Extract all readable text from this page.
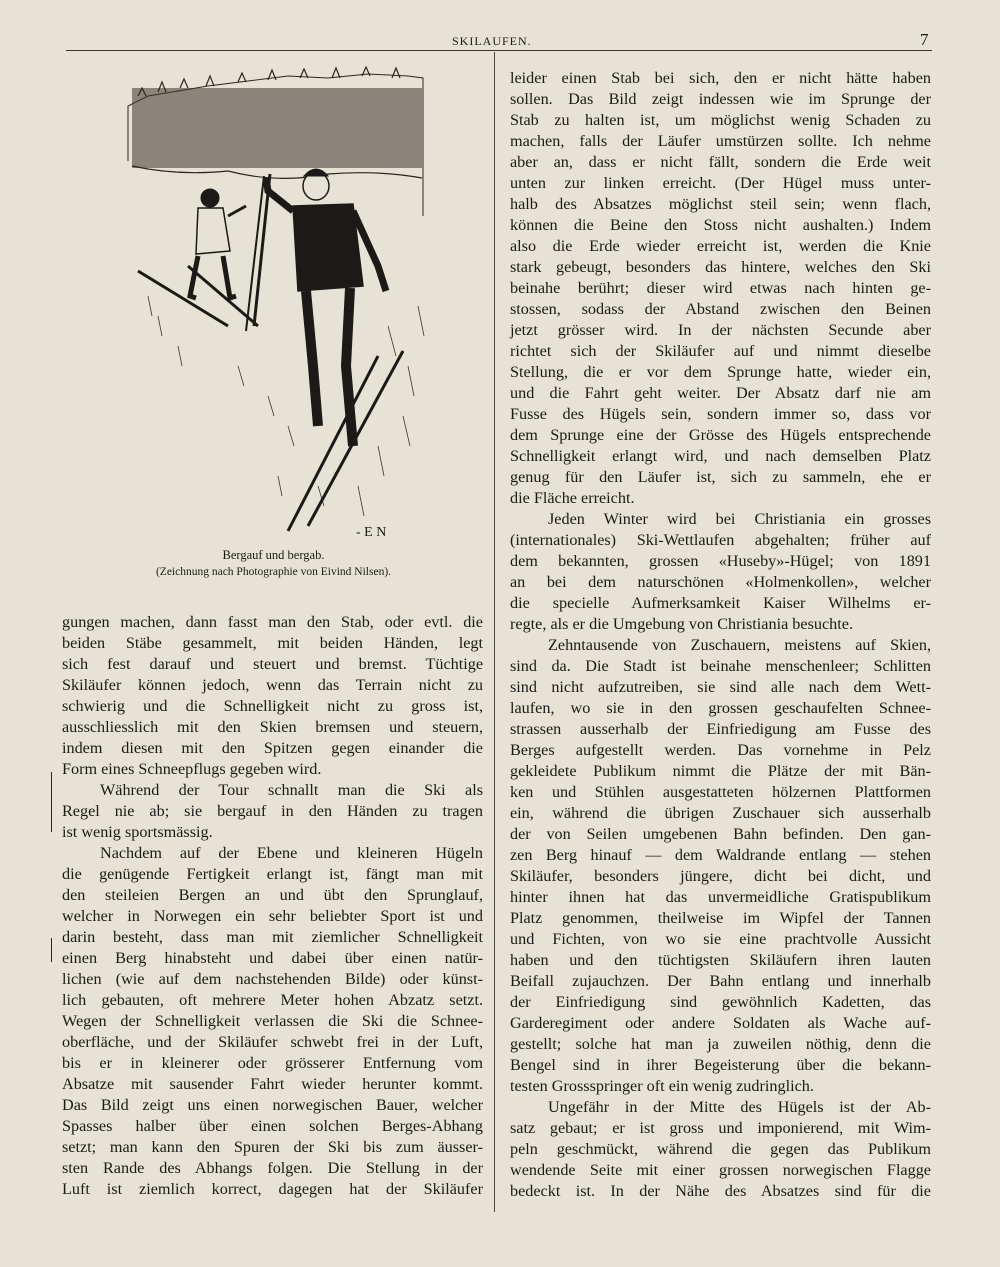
SKILAUFEN.	7
- E N
Bergauf und bergab.
(Zeichnung nach Photographie von Eivind Nilsen).
gungen machen, dann fasst man den Stab, oder evtl. die
beiden Stäbe gesammelt, mit beiden Händen, legt
sich fest darauf und steuert und bremst. Tüchtige
Skiläufer können jedoch, wenn das Terrain nicht zu
schwierig und die Schnelligkeit nicht zu gross ist,
ausschliesslich mit den Skien bremsen und steuern,
indem diesen mit den Spitzen gegen einander die
Form eines Schneepflugs gegeben wird.
Während der Tour schnallt man die Ski als
Regel nie ab; sie bergauf in den Händen zu tragen
ist wenig sportsmässig.
Nachdem auf der Ebene und kleineren Hügeln
die genügende Fertigkeit erlangt ist, fängt man mit
den steileien Bergen an und übt den Sprunglauf,
welcher in Norwegen ein sehr beliebter Sport ist und
darin besteht, dass man mit ziemlicher Schnelligkeit
einen Berg hinabsteht und dabei über einen natür-
lichen (wie auf dem nachstehenden Bilde) oder künst-
lich gebauten, oft mehrere Meter hohen Abzatz setzt.
Wegen der Schnelligkeit verlassen die Ski die Schnee-
oberfläche, und der Skiläufer schwebt frei in der Luft,
bis er in kleinerer oder grösserer Entfernung vom
Absatze mit sausender Fahrt wieder herunter kommt.
Das Bild zeigt uns einen norwegischen Bauer, welcher
Spasses halber über einen solchen Berges-Abhang
setzt; man kann den Spuren der Ski bis zum äusser-
sten Rande des Abhangs folgen. Die Stellung in der
Luft ist ziemlich korrect, dagegen hat der Skiläufer
leider einen Stab bei sich, den er nicht hätte haben
sollen. Das Bild zeigt indessen wie im Sprunge der
Stab zu halten ist, um möglichst wenig Schaden zu
machen, falls der Läufer umstürzen sollte. Ich nehme
aber an, dass er nicht fällt, sondern die Erde weit
unten zur linken erreicht. (Der Hügel muss unter-
halb des Absatzes möglichst steil sein; wenn flach,
können die Beine den Stoss nicht aushalten.) Indem
also die Erde wieder erreicht ist, werden die Knie
stark gebeugt, besonders das hintere, welches den Ski
beinahe berührt; dieser wird etwas nach hinten ge-
stossen, sodass der Abstand zwischen den Beinen
jetzt grösser wird. In der nächsten Secunde aber
richtet sich der Skiläufer auf und nimmt dieselbe
Stellung, die er vor dem Sprunge hatte, wieder ein,
und die Fahrt geht weiter. Der Absatz darf nie am
Fusse des Hügels sein, sondern immer so, dass vor
dem Sprunge eine der Grösse des Hügels entsprechende
Schnelligkeit erlangt wird, und nach demselben Platz
genug für den Läufer ist, sich zu sammeln, ehe er
die Fläche erreicht.
Jeden Winter wird bei Christiania ein grosses
(internationales) Ski-Wettlaufen abgehalten; früher auf
dem bekannten, grossen «Huseby»-Hügel; von 1891
an bei dem naturschönen «Holmenkollen», welcher
die specielle Aufmerksamkeit Kaiser Wilhelms er-
regte, als er die Umgebung von Christiania besuchte.
Zehntausende von Zuschauern, meistens auf Skien,
sind da. Die Stadt ist beinahe menschenleer; Schlitten
sind nicht aufzutreiben, sie sind alle nach dem Wett-
laufen, wo sie in den grossen geschaufelten Schnee-
strassen ausserhalb der Einfriedigung am Fusse des
Berges aufgestellt werden. Das vornehme in Pelz
gekleidete Publikum nimmt die Plätze der mit Bän-
ken und Stühlen ausgestatteten hölzernen Plattformen
ein, während die übrigen Zuschauer sich ausserhalb
der von Seilen umgebenen Bahn befinden. Den gan-
zen Berg hinauf — dem Waldrande entlang — stehen
Skiläufer, besonders jüngere, dicht bei dicht, und
hinter ihnen hat das unvermeidliche Gratispublikum
Platz genommen, theilweise im Wipfel der Tannen
und Fichten, von wo sie eine prachtvolle Aussicht
haben und den tüchtigsten Skiläufern ihren lauten
Beifall zujauchzen. Der Bahn entlang und innerhalb
der Einfriedigung sind gewöhnlich Kadetten, das
Garderegiment oder andere Soldaten als Wache auf-
gestellt; solche hat man ja zuweilen nöthig, denn die
Bengel sind in ihrer Begeisterung über die bekann-
testen Grossspringer oft ein wenig zudringlich.
Ungefähr in der Mitte des Hügels ist der Ab-
satz gebaut; er ist gross und imponierend, mit Wim-
peln geschmückt, während die gegen das Publikum
wendende Seite mit einer grossen norwegischen Flagge
bedeckt ist. In der Nähe des Absatzes sind für die
